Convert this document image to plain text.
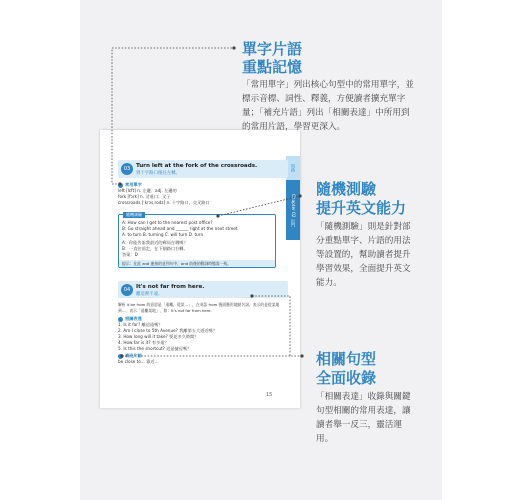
問路
Chapter 02 出門
03	Turn left at the fork of the crossroads.
到十字路口後往左轉。
常用單字
left [lɛft] n. 左邊；adj. 左邊的
fork [fɔrk] n. 岔道口；叉子
crossroads [ˈkrɔs,rodz] n. 十字路口，交叉路口
隨機測驗
A: How can I get to the nearest post office?
B: Go straight ahead and ______ right at the next street.
A. to turn B. turning C. will turn D. turn
A：你能告訴我最近的郵局在哪嗎？
B：一直往前走，在下個路口右轉。
答案：D
提示：在此 and 連接的並列句中，and 前後的動詞時態需一致。
04	It's not far from here.
離這裡不遠。
解析 it be from 的意思是「遠離，從某…」，在英語 from 後面應用地點名詞，表示的是從某地
到…，表示「遠離某地」，如：It's not far from here.
相關表達
1. Is it far? 離這遠嗎？
2. Am I close to 5th Avenue? 我離第五大道近嗎？
3. How long will it take? 要花多久時間？
4. How far is it? 有多遠？
5. Is this the shortcut? 這是捷徑嗎？
補充片語
be close to... 靠近…
15
單字片語
重點記憶
「常用單字」列出核心句型中的常用單字，並標示音標、詞性、釋義，方便讀者擴充單字量；「補充片語」列出「相關表達」中所用到的常用片語，學習更深入。
隨機測驗
提升英文能力
「隨機測驗」則是針對部分重點單字、片語的用法等設置的，幫助讀者提升學習效果，全面提升英文能力。
相關句型
全面收錄
「相關表達」收錄與關鍵句型相關的常用表達，讓讀者舉一反三，靈活運用。
